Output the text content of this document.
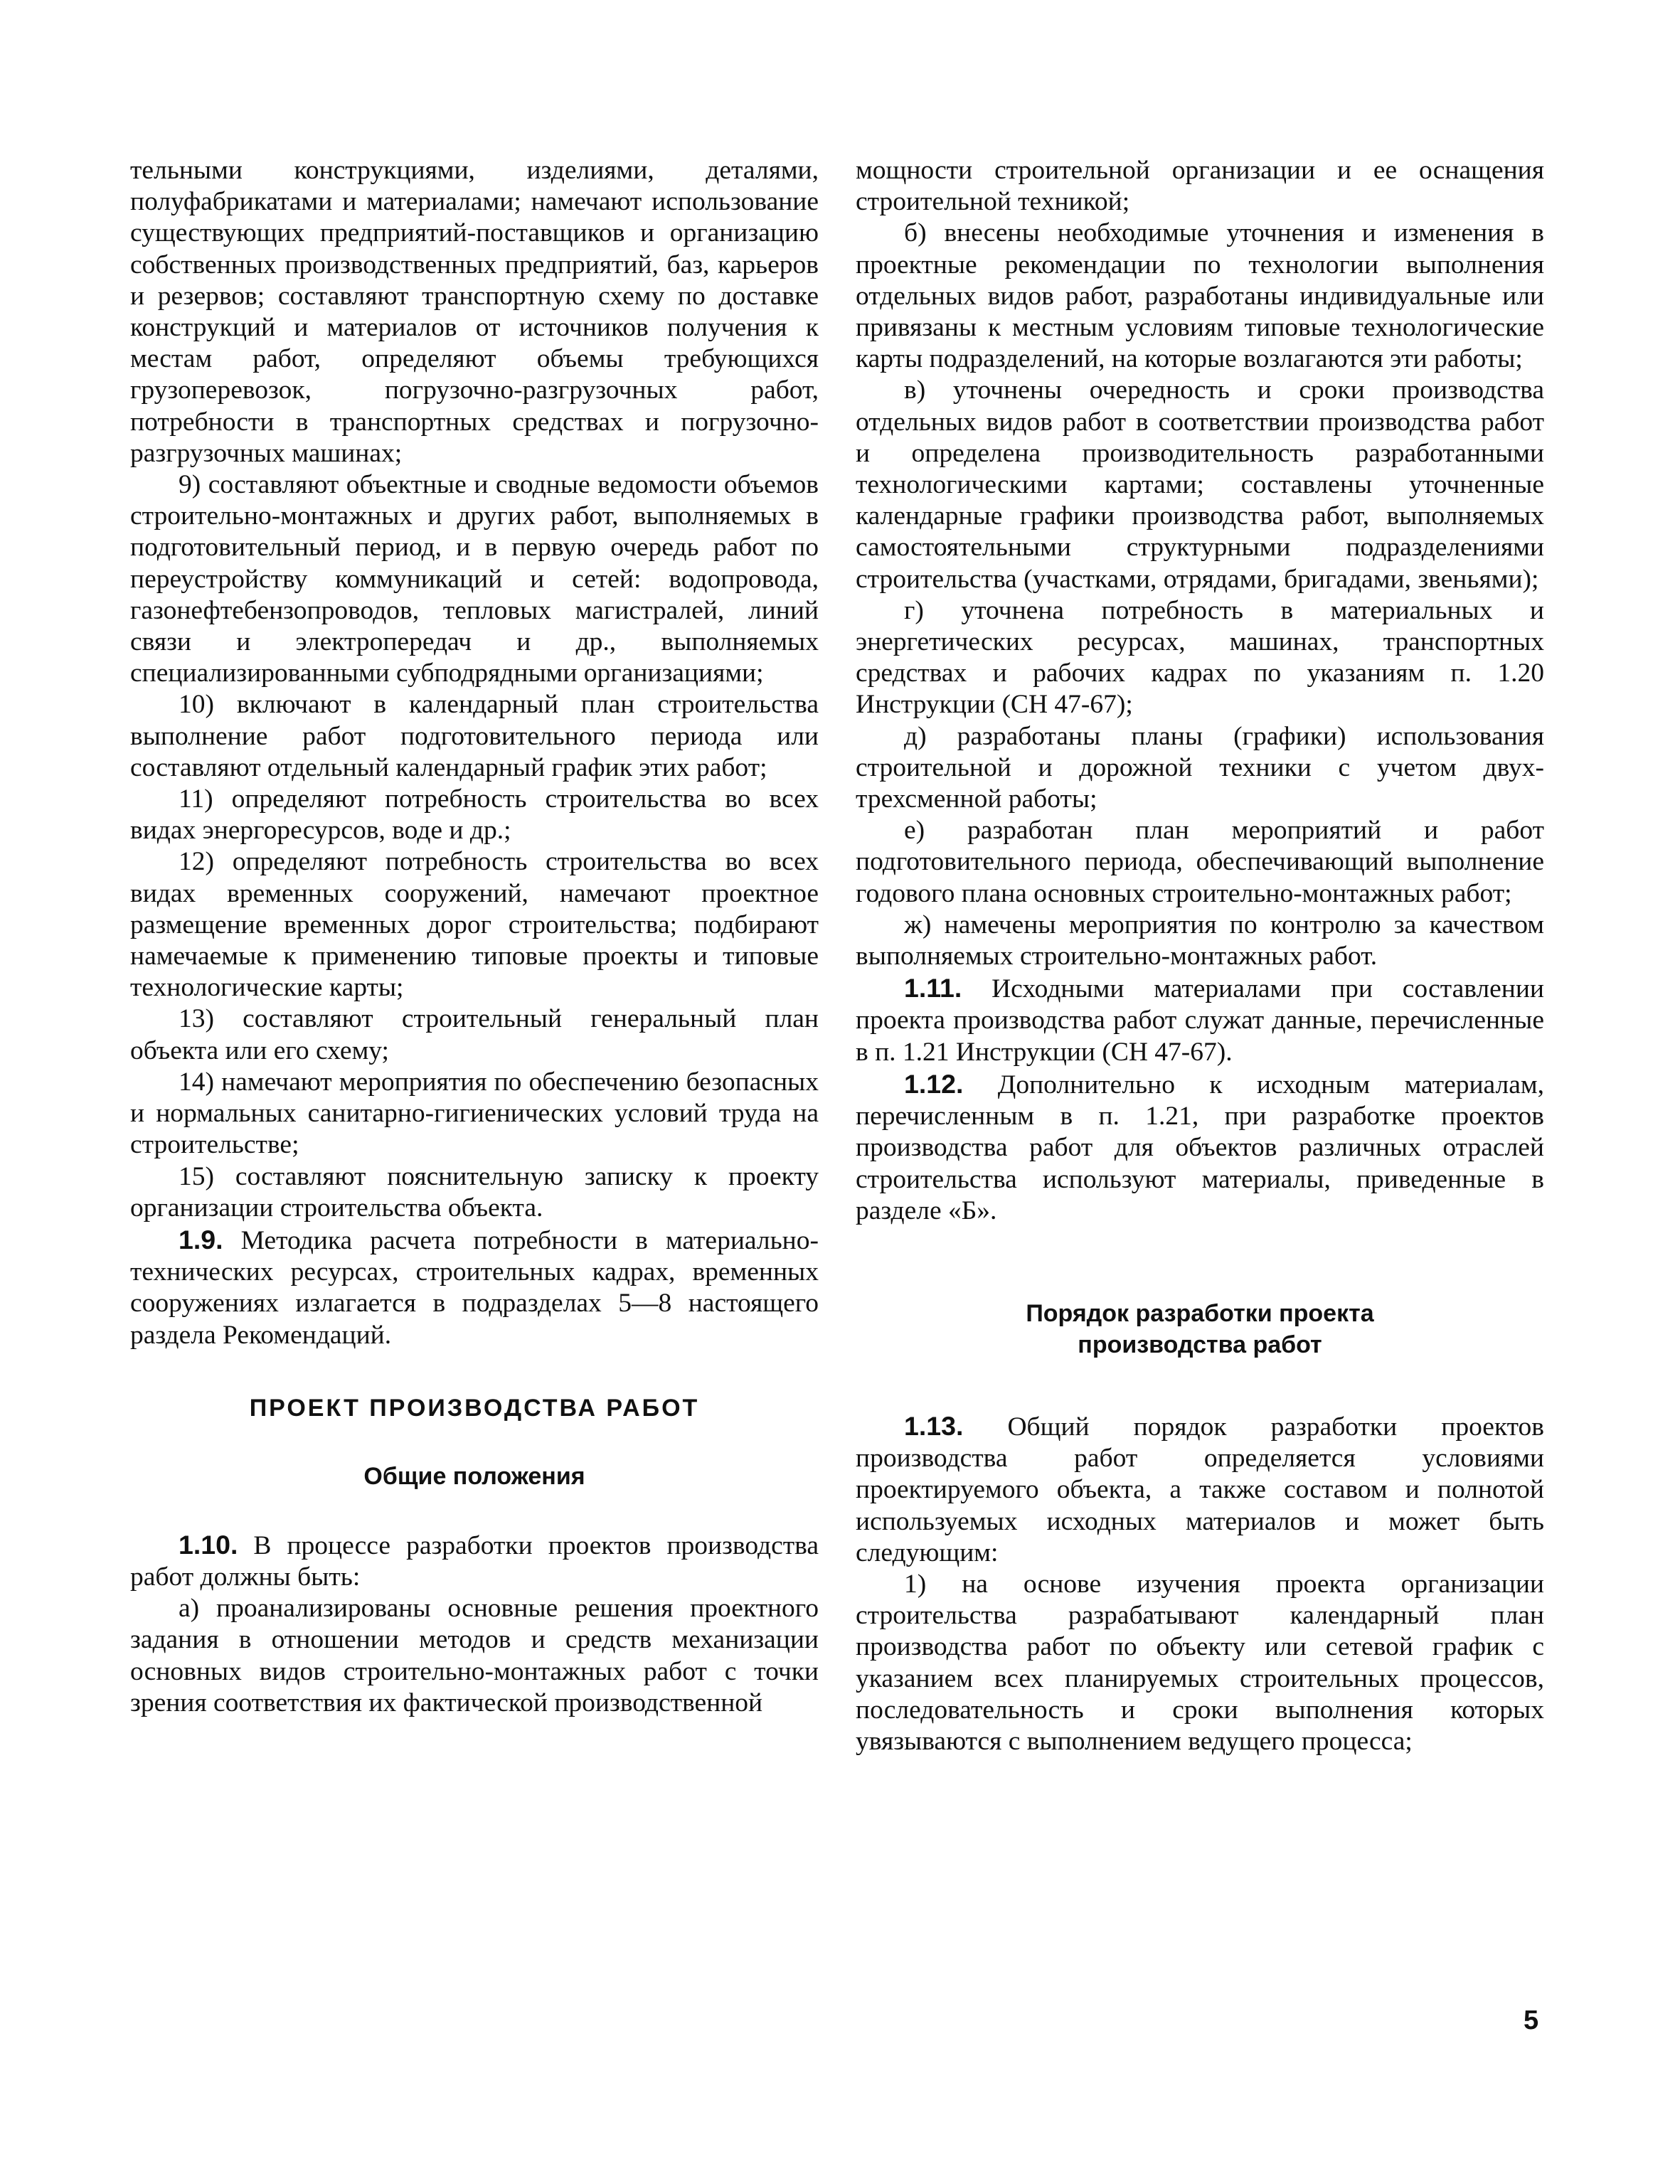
тельными конструкциями, изделиями, деталями, полуфабрикатами и материалами; намечают использование существующих предприятий-поставщиков и организацию собственных производственных предприятий, баз, карьеров и резервов; составляют транспортную схему по доставке конструкций и материалов от источников получения к местам работ, определяют объемы требующихся грузоперевозок, погрузочно-разгрузочных работ, потребности в транспортных средствах и погрузочно-разгрузочных машинах;

9) составляют объектные и сводные ведомости объемов строительно-монтажных и других работ, выполняемых в подготовительный период, и в первую очередь работ по переустройству коммуникаций и сетей: водопровода, газонефтебензопроводов, тепловых магистралей, линий связи и электропередач и др., выполняемых специализированными субподрядными организациями;

10) включают в календарный план строительства выполнение работ подготовительного периода или составляют отдельный календарный график этих работ;

11) определяют потребность строительства во всех видах энергоресурсов, воде и др.;

12) определяют потребность строительства во всех видах временных сооружений, намечают проектное размещение временных дорог строительства; подбирают намечаемые к применению типовые проекты и типовые технологические карты;

13) составляют строительный генеральный план объекта или его схему;

14) намечают мероприятия по обеспечению безопасных и нормальных санитарно-гигиенических условий труда на строительстве;

15) составляют пояснительную записку к проекту организации строительства объекта.

1.9. Методика расчета потребности в материально-технических ресурсах, строительных кадрах, временных сооружениях излагается в подразделах 5—8 настоящего раздела Рекомендаций.

ПРОЕКТ ПРОИЗВОДСТВА РАБОТ
Общие положения

1.10. В процессе разработки проектов производства работ должны быть:

а) проанализированы основные решения проектного задания в отношении методов и средств механизации основных видов строительно-монтажных работ с точки зрения соответствия их фактической производственной

мощности строительной организации и ее оснащения строительной техникой;

б) внесены необходимые уточнения и изменения в проектные рекомендации по технологии выполнения отдельных видов работ, разработаны индивидуальные или привязаны к местным условиям типовые технологические карты подразделений, на которые возлагаются эти работы;

в) уточнены очередность и сроки производства отдельных видов работ в соответствии производства работ и определена производительность разработанными технологическими картами; составлены уточненные календарные графики производства работ, выполняемых самостоятельными структурными подразделениями строительства (участками, отрядами, бригадами, звеньями);

г) уточнена потребность в материальных и энергетических ресурсах, машинах, транспортных средствах и рабочих кадрах по указаниям п. 1.20 Инструкции (СН 47-67);

д) разработаны планы (графики) использования строительной и дорожной техники с учетом двух-трехсменной работы;

е) разработан план мероприятий и работ подготовительного периода, обеспечивающий выполнение годового плана основных строительно-монтажных работ;

ж) намечены мероприятия по контролю за качеством выполняемых строительно-монтажных работ.

1.11. Исходными материалами при составлении проекта производства работ служат данные, перечисленные в п. 1.21 Инструкции (СН 47-67).

1.12. Дополнительно к исходным материалам, перечисленным в п. 1.21, при разработке проектов производства работ для объектов различных отраслей строительства используют материалы, приведенные в разделе «Б».

Порядок разработки проекта
производства работ

1.13. Общий порядок разработки проектов производства работ определяется условиями проектируемого объекта, а также составом и полнотой используемых исходных материалов и может быть следующим:

1) на основе изучения проекта организации строительства разрабатывают календарный план производства работ по объекту или сетевой график с указанием всех планируемых строительных процессов, последовательность и сроки выполнения которых увязываются с выполнением ведущего процесса;

5
